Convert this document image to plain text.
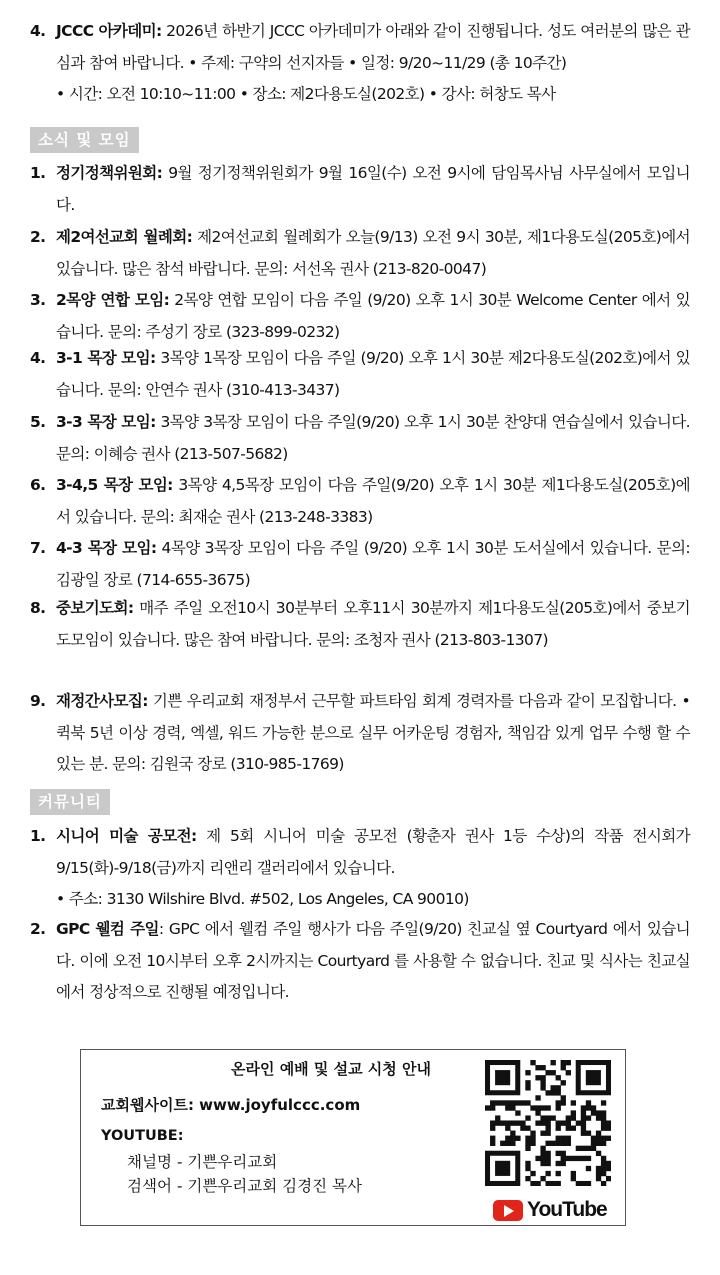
4. JCCC 아카데미: 2026년 하반기 JCCC 아카데미가 아래와 같이 진행됩니다. 성도 여러분의 많은 관심과 참여 바랍니다. • 주제: 구약의 선지자들 • 일정: 9/20~11/29 (총 10주간)
• 시간: 오전 10:10~11:00 • 장소: 제2다용도실(202호) • 강사: 허창도 목사
소식 및 모임
1. 정기정책위원회: 9월 정기정책위원회가 9월 16일(수) 오전 9시에 담임목사님 사무실에서 모입니다.
2. 제2여선교회 월례회: 제2여선교회 월례회가 오늘(9/13) 오전 9시 30분, 제1다용도실(205호)에서 있습니다. 많은 참석 바랍니다. 문의: 서선옥 권사 (213-820-0047)
3. 2목양 연합 모임: 2목양 연합 모임이 다음 주일 (9/20) 오후 1시 30분 Welcome Center 에서 있습니다. 문의: 주성기 장로 (323-899-0232)
4. 3-1 목장 모임: 3목양 1목장 모임이 다음 주일 (9/20) 오후 1시 30분 제2다용도실(202호)에서 있습니다. 문의: 안연수 권사 (310-413-3437)
5. 3-3 목장 모임: 3목양 3목장 모임이 다음 주일(9/20) 오후 1시 30분 찬양대 연습실에서 있습니다. 문의: 이혜승 권사 (213-507-5682)
6. 3-4,5 목장 모임: 3목양 4,5목장 모임이 다음 주일(9/20) 오후 1시 30분 제1다용도실(205호)에서 있습니다. 문의: 최재순 권사 (213-248-3383)
7. 4-3 목장 모임: 4목양 3목장 모임이 다음 주일 (9/20) 오후 1시 30분 도서실에서 있습니다. 문의: 김광일 장로 (714-655-3675)
8. 중보기도회: 매주 주일 오전10시 30분부터 오후11시 30분까지 제1다용도실(205호)에서 중보기도모임이 있습니다. 많은 참여 바랍니다. 문의: 조청자 권사 (213-803-1307)
9. 재정간사모집: 기쁜 우리교회 재정부서 근무할 파트타임 회계 경력자를 다음과 같이 모집합니다. • 퀵북 5년 이상 경력, 엑셀, 워드 가능한 분으로 실무 어카운팅 경험자, 책임감 있게 업무 수행 할 수 있는 분. 문의: 김원국 장로 (310-985-1769)
커뮤니티
1. 시니어 미술 공모전: 제 5회 시니어 미술 공모전 (황춘자 권사 1등 수상)의 작품 전시회가 9/15(화)-9/18(금)까지 리앤리 갤러리에서 있습니다.
• 주소: 3130 Wilshire Blvd. #502, Los Angeles, CA 90010)
2. GPC 웰컴 주일: GPC 에서 웰컴 주일 행사가 다음 주일(9/20) 친교실 옆 Courtyard 에서 있습니다. 이에 오전 10시부터 오후 2시까지는 Courtyard 를 사용할 수 없습니다. 친교 및 식사는 친교실에서 정상적으로 진행될 예정입니다.
온라인 예배 및 설교 시청 안내
교회웹사이트: www.joyfulccc.com
YOUTUBE:
채널명 - 기쁜우리교회
검색어 - 기쁜우리교회 김경진 목사
YouTube
